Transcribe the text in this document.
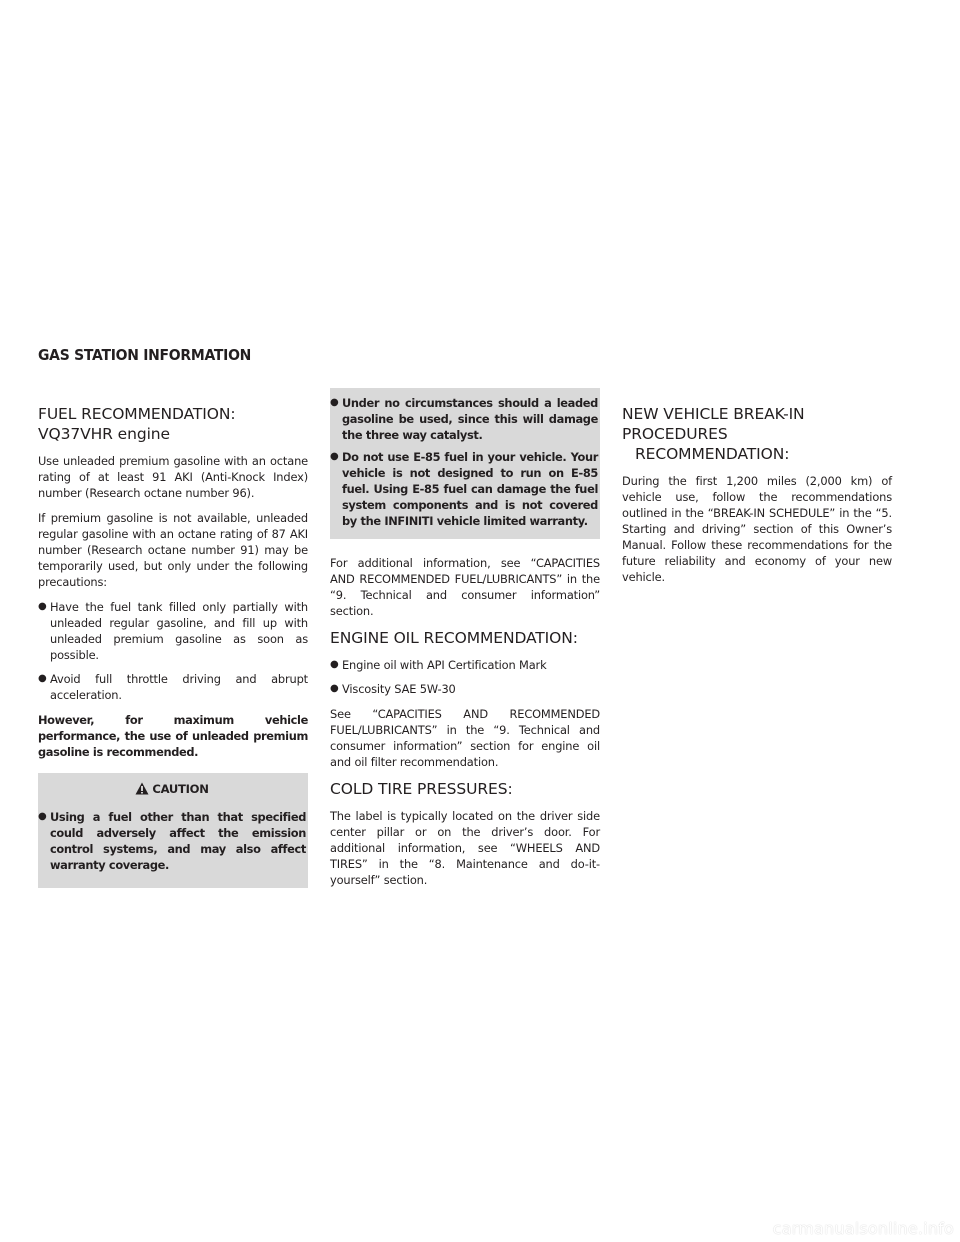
GAS STATION INFORMATION
FUEL RECOMMENDATION:
VQ37VHR engine

Use unleaded premium gasoline with an octane rating of at least 91 AKI (Anti-Knock Index) number (Research octane number 96).

If premium gasoline is not available, unleaded regular gasoline with an octane rating of 87 AKI number (Research octane number 91) may be temporarily used, but only under the following precautions:

● Have the fuel tank filled only partially with unleaded regular gasoline, and fill up with unleaded premium gasoline as soon as possible.
● Avoid full throttle driving and abrupt acceleration.

However, for maximum vehicle performance, the use of unleaded premium gasoline is recommended.

CAUTION
● Using a fuel other than that specified could adversely affect the emission control systems, and may also affect warranty coverage.
● Under no circumstances should a leaded gasoline be used, since this will damage the three way catalyst.
● Do not use E-85 fuel in your vehicle. Your vehicle is not designed to run on E-85 fuel. Using E-85 fuel can damage the fuel system components and is not covered by the INFINITI vehicle limited warranty.

For additional information, see “CAPACITIES AND RECOMMENDED FUEL/LUBRICANTS” in the “9. Technical and consumer information” section.

ENGINE OIL RECOMMENDATION:
● Engine oil with API Certification Mark
● Viscosity SAE 5W-30

See “CAPACITIES AND RECOMMENDED FUEL/LUBRICANTS” in the “9. Technical and consumer information” section for engine oil and oil filter recommendation.

COLD TIRE PRESSURES:

The label is typically located on the driver side center pillar or on the driver’s door. For additional information, see “WHEELS AND TIRES” in the “8. Maintenance and do-it-yourself” section.

NEW VEHICLE BREAK-IN PROCEDURES
RECOMMENDATION:

During the first 1,200 miles (2,000 km) of vehicle use, follow the recommendations outlined in the “BREAK-IN SCHEDULE” in the “5. Starting and driving” section of this Owner’s Manual. Follow these recommendations for the future reliability and economy of your new vehicle.

carmanualsonline.info
